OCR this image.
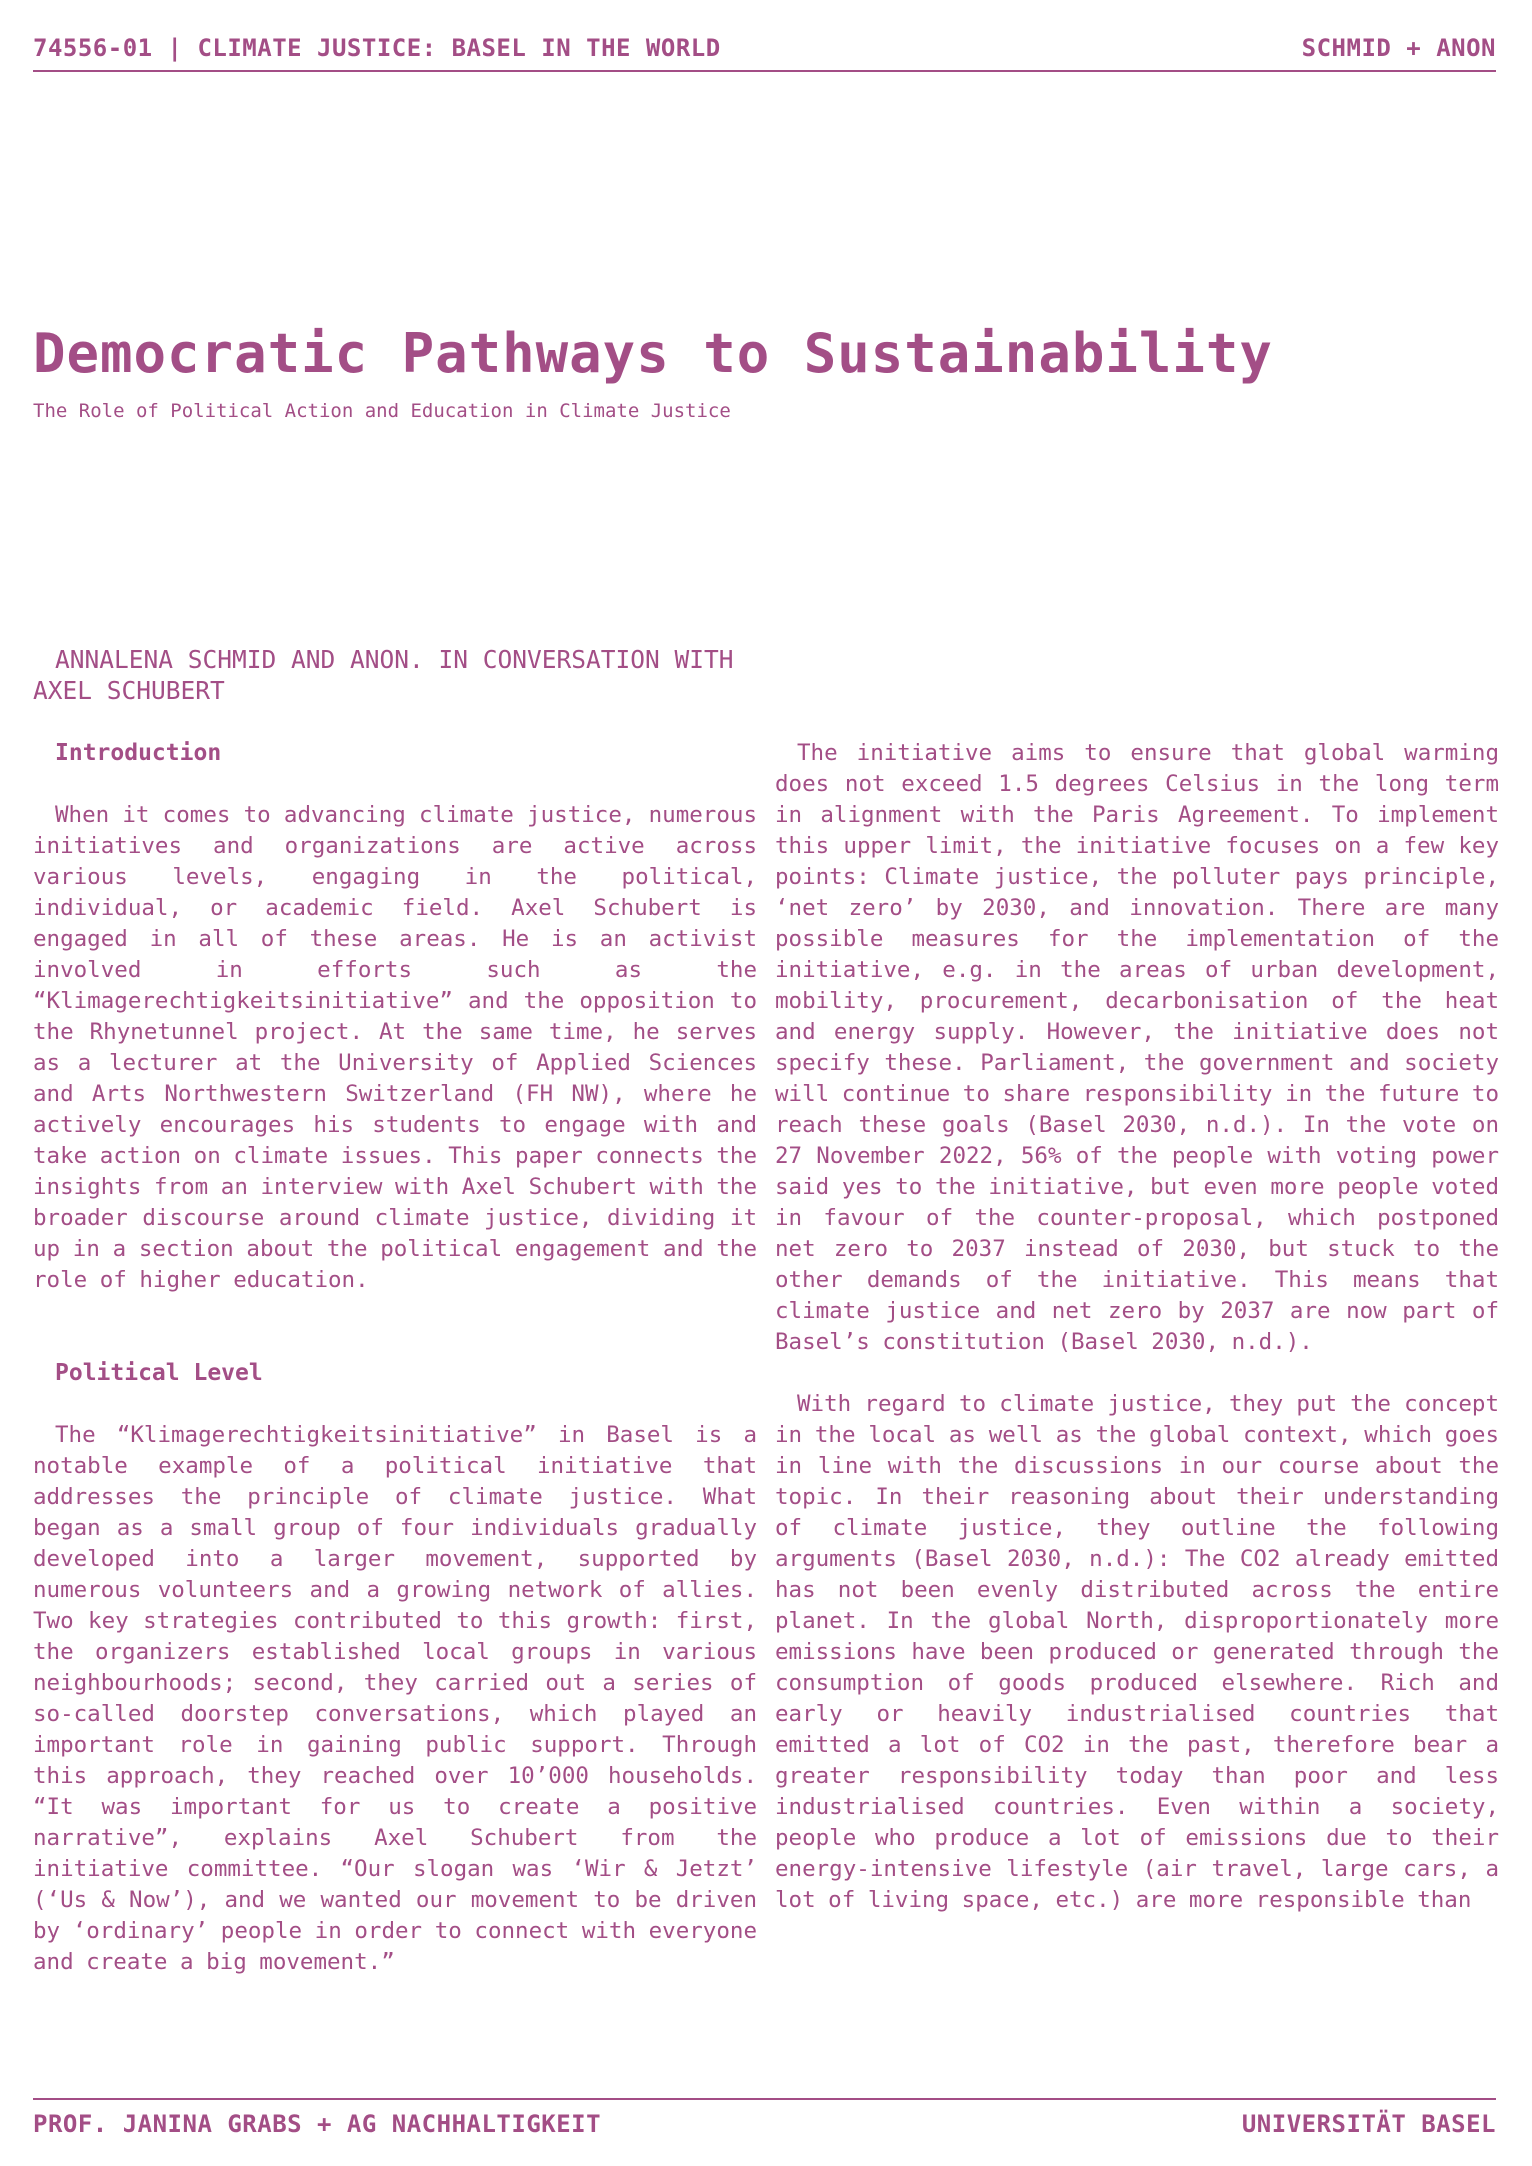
74556-01 | CLIMATE JUSTICE: BASEL IN THE WORLD	SCHMID + ANON
Democratic Pathways to Sustainability

The Role of Political Action and Education in Climate Justice

ANNALENA SCHMID AND ANON. IN CONVERSATION WITH AXEL SCHUBERT
Introduction

When it comes to advancing climate justice, numerous initiatives and organizations are active across various levels, engaging in the political, individual, or academic field. Axel Schubert is engaged in all of these areas. He is an activist involved in efforts such as the “Klimagerechtigkeitsinitiative” and the opposition to the Rhynetunnel project. At the same time, he serves as a lecturer at the University of Applied Sciences and Arts Northwestern Switzerland (FH NW), where he actively encourages his students to engage with and take action on climate issues. This paper connects the insights from an interview with Axel Schubert with the broader discourse around climate justice, dividing it up in a section about the political engagement and the role of higher education.

Political Level

The “Klimagerechtigkeitsinitiative” in Basel is a notable example of a political initiative that addresses the principle of climate justice. What began as a small group of four individuals gradually developed into a larger movement, supported by numerous volunteers and a growing network of allies. Two key strategies contributed to this growth: first, the organizers established local groups in various neighbourhoods; second, they carried out a series of so-called doorstep conversations, which played an important role in gaining public support. Through this approach, they reached over 10’000 households. “It was important for us to create a positive narrative”, explains Axel Schubert from the initiative committee. “Our slogan was ‘Wir & Jetzt’ (‘Us & Now’), and we wanted our movement to be driven by ‘ordinary’ people in order to connect with everyone and create a big movement.”

The initiative aims to ensure that global warming does not exceed 1.5 degrees Celsius in the long term in alignment with the Paris Agreement. To implement this upper limit, the initiative focuses on a few key points: Climate justice, the polluter pays principle, ‘net zero’ by 2030, and innovation. There are many possible measures for the implementation of the initiative, e.g. in the areas of urban development, mobility, procurement, decarbonisation of the heat and energy supply. However, the initiative does not specify these. Parliament, the government and society will continue to share responsibility in the future to reach these goals (Basel 2030, n.d.). In the vote on 27 November 2022, 56% of the people with voting power said yes to the initiative, but even more people voted in favour of the counter-proposal, which postponed net zero to 2037 instead of 2030, but stuck to the other demands of the initiative. This means that climate justice and net zero by 2037 are now part of Basel’s constitution (Basel 2030, n.d.).

With regard to climate justice, they put the concept in the local as well as the global context, which goes in line with the discussions in our course about the topic. In their reasoning about their understanding of climate justice, they outline the following arguments (Basel 2030, n.d.): The CO2 already emitted has not been evenly distributed across the entire planet. In the global North, disproportionately more emissions have been produced or generated through the consumption of goods produced elsewhere. Rich and early or heavily industrialised countries that emitted a lot of CO2 in the past, therefore bear a greater responsibility today than poor and less industrialised countries. Even within a society, people who produce a lot of emissions due to their energy-intensive lifestyle (air travel, large cars, a lot of living space, etc.) are more responsible than

PROF. JANINA GRABS + AG NACHHALTIGKEIT	UNIVERSITÄT BASEL
